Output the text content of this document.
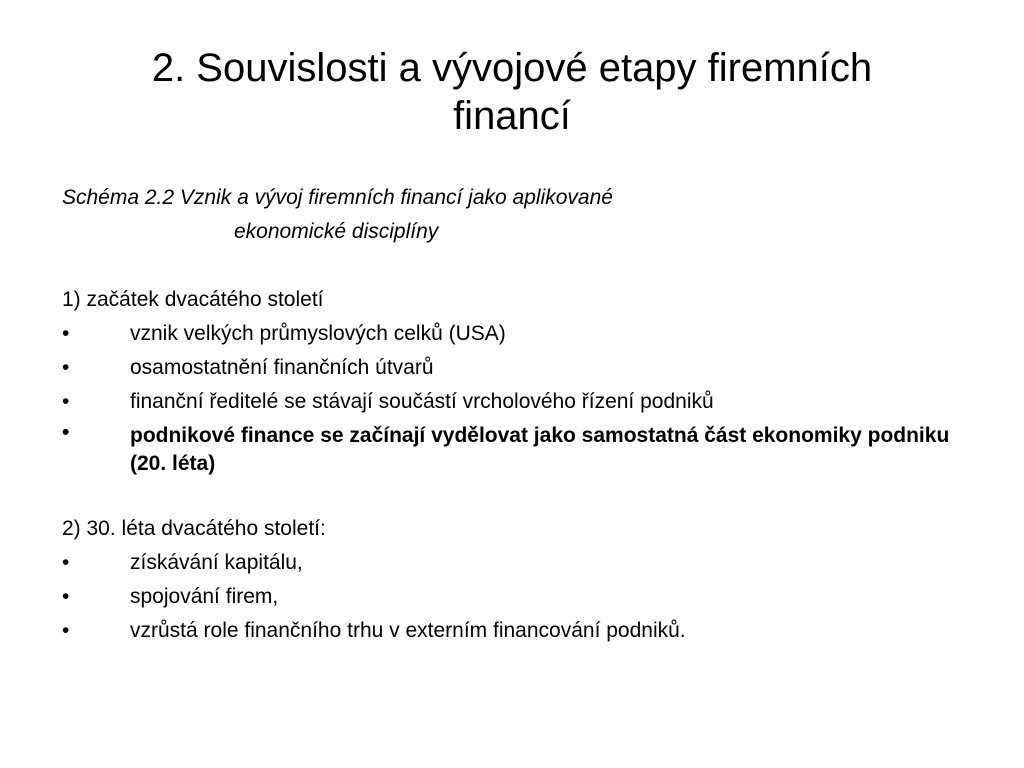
2. Souvislosti a vývojové etapy firemních
financí
Schéma 2.2 Vznik a vývoj firemních financí jako aplikované
ekonomické disciplíny
1) začátek dvacátého století
•	vznik velkých průmyslových celků (USA)
•	osamostatnění finančních útvarů
•	finanční ředitelé se stávají součástí vrcholového řízení podniků
•	podnikové finance se začínají vydělovat jako samostatná část ekonomiky podniku (20. léta)
2) 30. léta dvacátého století:
•	získávání kapitálu,
•	spojování firem,
•	vzrůstá role finančního trhu v externím financování podniků.
